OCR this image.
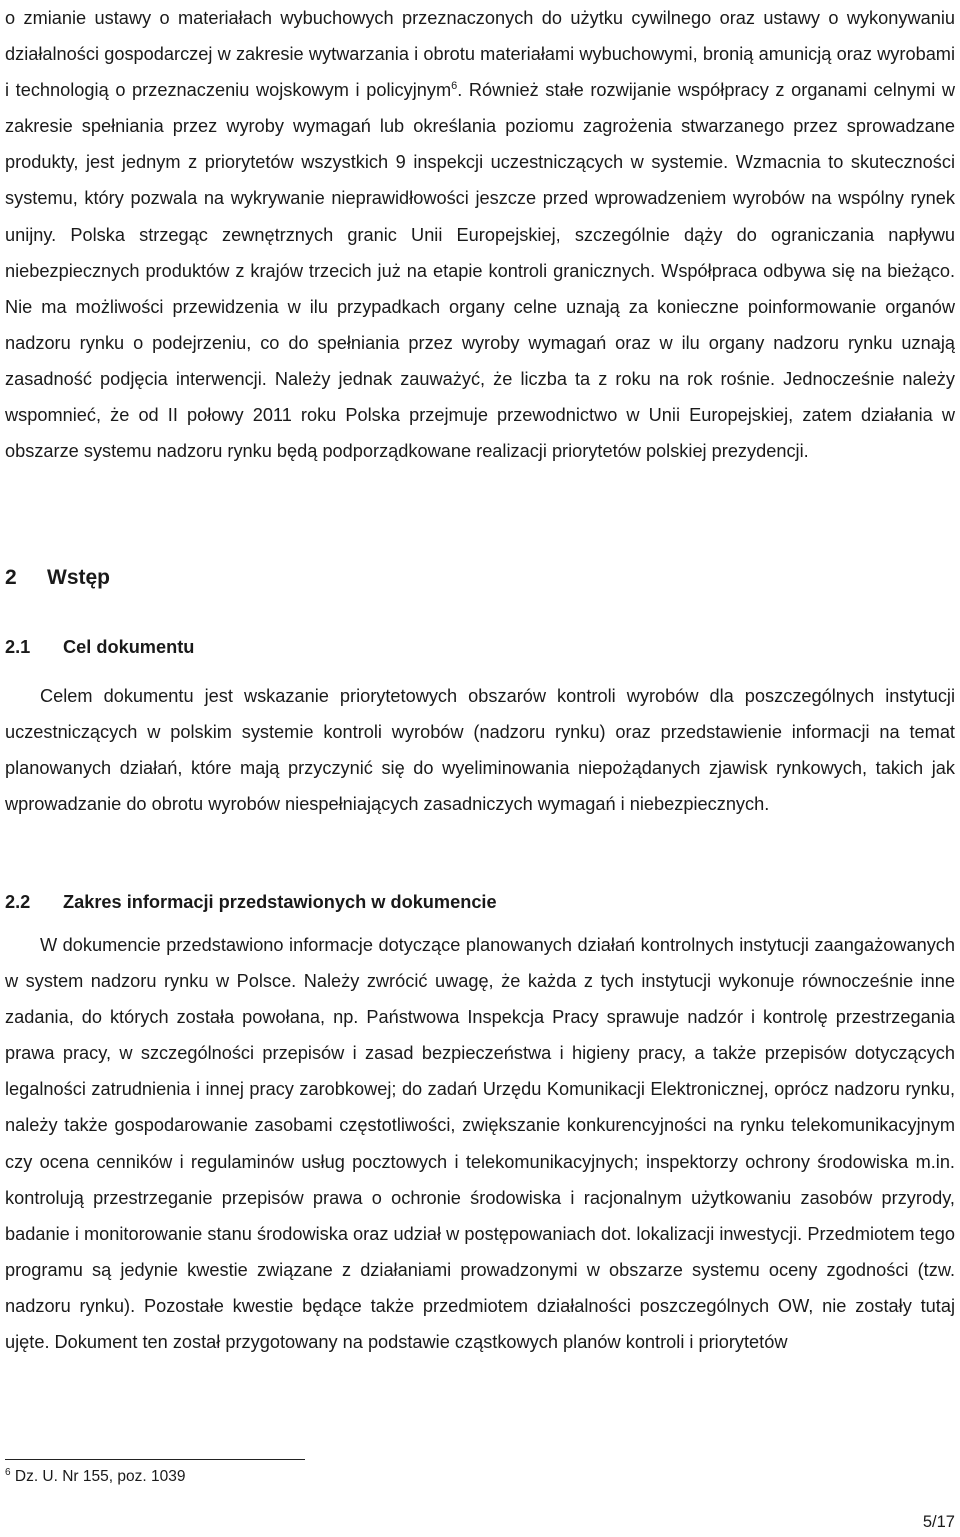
o zmianie ustawy o materiałach wybuchowych przeznaczonych do użytku cywilnego oraz ustawy o wykonywaniu działalności gospodarczej w zakresie wytwarzania i obrotu materiałami wybuchowymi, bronią amunicją oraz wyrobami i technologią o przeznaczeniu wojskowym i policyjnym$^6$. Również stałe rozwijanie współpracy z organami celnymi w zakresie spełniania przez wyroby wymagań lub określania poziomu zagrożenia stwarzanego przez sprowadzane produkty, jest jednym z priorytetów wszystkich 9 inspekcji uczestniczących w systemie. Wzmacnia to skuteczności systemu, który pozwala na wykrywanie nieprawidłowości jeszcze przed wprowadzeniem wyrobów na wspólny rynek unijny. Polska strzegąc zewnętrznych granic Unii Europejskiej, szczególnie dąży do ograniczania napływu niebezpiecznych produktów z krajów trzecich już na etapie kontroli granicznych. Współpraca odbywa się na bieżąco. Nie ma możliwości przewidzenia w ilu przypadkach organy celne uznają za konieczne poinformowanie organów nadzoru rynku o podejrzeniu, co do spełniania przez wyroby wymagań oraz w ilu organy nadzoru rynku uznają zasadność podjęcia interwencji. Należy jednak zauważyć, że liczba ta z roku na rok rośnie. Jednocześnie należy wspomnieć, że od II połowy 2011 roku Polska przejmuje przewodnictwo w Unii Europejskiej, zatem działania w obszarze systemu nadzoru rynku będą podporządkowane realizacji priorytetów polskiej prezydencji.

2 Wstęp
2.1 Cel dokumentu

Celem dokumentu jest wskazanie priorytetowych obszarów kontroli wyrobów dla poszczególnych instytucji uczestniczących w polskim systemie kontroli wyrobów (nadzoru rynku) oraz przedstawienie informacji na temat planowanych działań, które mają przyczynić się do wyeliminowania niepożądanych zjawisk rynkowych, takich jak wprowadzanie do obrotu wyrobów niespełniających zasadniczych wymagań i niebezpiecznych.

2.2 Zakres informacji przedstawionych w dokumencie

W dokumencie przedstawiono informacje dotyczące planowanych działań kontrolnych instytucji zaangażowanych w system nadzoru rynku w Polsce. Należy zwrócić uwagę, że każda z tych instytucji wykonuje równocześnie inne zadania, do których została powołana, np. Państwowa Inspekcja Pracy sprawuje nadzór i kontrolę przestrzegania prawa pracy, w szczególności przepisów i zasad bezpieczeństwa i higieny pracy, a także przepisów dotyczących legalności zatrudnienia i innej pracy zarobkowej; do zadań Urzędu Komunikacji Elektronicznej, oprócz nadzoru rynku, należy także gospodarowanie zasobami częstotliwości, zwiększanie konkurencyjności na rynku telekomunikacyjnym czy ocena cenników i regulaminów usług pocztowych i telekomunikacyjnych; inspektorzy ochrony środowiska m.in. kontrolują przestrzeganie przepisów prawa o ochronie środowiska i racjonalnym użytkowaniu zasobów przyrody, badanie i monitorowanie stanu środowiska oraz udział w postępowaniach dot. lokalizacji inwestycji. Przedmiotem tego programu są jedynie kwestie związane z działaniami prowadzonymi w obszarze systemu oceny zgodności (tzw. nadzoru rynku). Pozostałe kwestie będące także przedmiotem działalności poszczególnych OW, nie zostały tutaj ujęte. Dokument ten został przygotowany na podstawie cząstkowych planów kontroli i priorytetów

$^6$ Dz. U. Nr 155, poz. 1039

5/17
